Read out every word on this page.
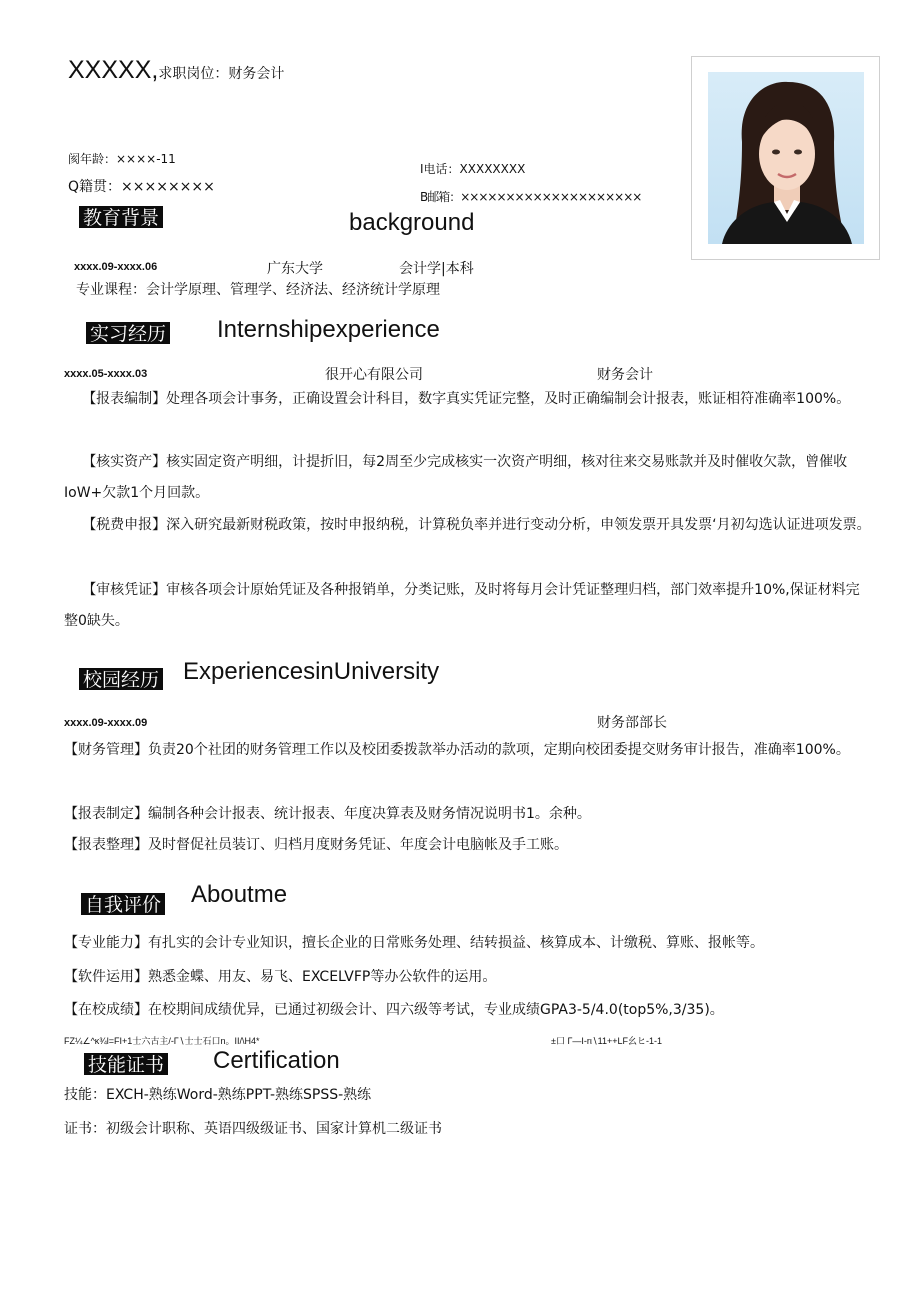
XXXXX,求职岗位：财务会计
阂年龄：××××-11
Q籍贯：××××××××
I电话：XXXXXXXX
B邮箱：××××××××××××××××××××
教育背景	background
xxxx.09-xxxx.06	广东大学	会计学|本科
专业课程：会计学原理、管理学、经济法、经济统计学原理
实习经历 Internshipexperience
xxxx.05-xxxx.03	很开心有限公司	财务会计
【报表编制】处理各项会计事务，正确设置会计科目，数字真实凭证完整，及时正确编制会计报表，账证相符准确率100%。
【核实资产】核实固定资产明细，计提折旧，每2周至少完成核实一次资产明细，核对往来交易账款并及时催收欠款，曾催收IoW+欠款1个月回款。
【税费申报】深入研究最新财税政策，按时申报纳税，计算税负率并进行变动分析，申领发票开具发票‘月初勾选认证进项发票。
【审核凭证】审核各项会计原始凭证及各种报销单，分类记账，及时将每月会计凭证整理归档，部门效率提升10%,保证材料完整0缺失。
校园经历 ExperiencesinUniversity
xxxx.09-xxxx.09	财务部部长
【财务管理】负责20个社团的财务管理工作以及校团委拨款举办活动的款项，定期向校团委提交财务审计报告，准确率100%。
【报表制定】编制各种会计报表、统计报表、年度决算表及财务情况说明书1。余种。
【报表整理】及时督促社员装订、归档月度财务凭证、年度会计电脑帐及手工账。
自我评价 Aboutme
【专业能力】有扎实的会计专业知识，擅长企业的日常账务处理、结转损益、核算成本、计缴税、算账、报帐等。
【软件运用】熟悉金蝶、用友、易飞、EXCELVFP等办公软件的运用。
【在校成绩】在校期间成绩优异，已通过初级会计、四六级等考试，专业成绩GPA3-5/4.0(top5%,3/35)。
FZ¼∠^κ¾l=FI+1士六古主/-Γ∖士士石口n。II/\H4*	±口 Γ—I-rι∖11++LF幺ヒ-1-1
技能证书 Certification
技能：EXCH-熟练Word-熟练PPT-熟练SPSS-熟练
证书：初级会计职称、英语四级级证书、国家计算机二级证书
